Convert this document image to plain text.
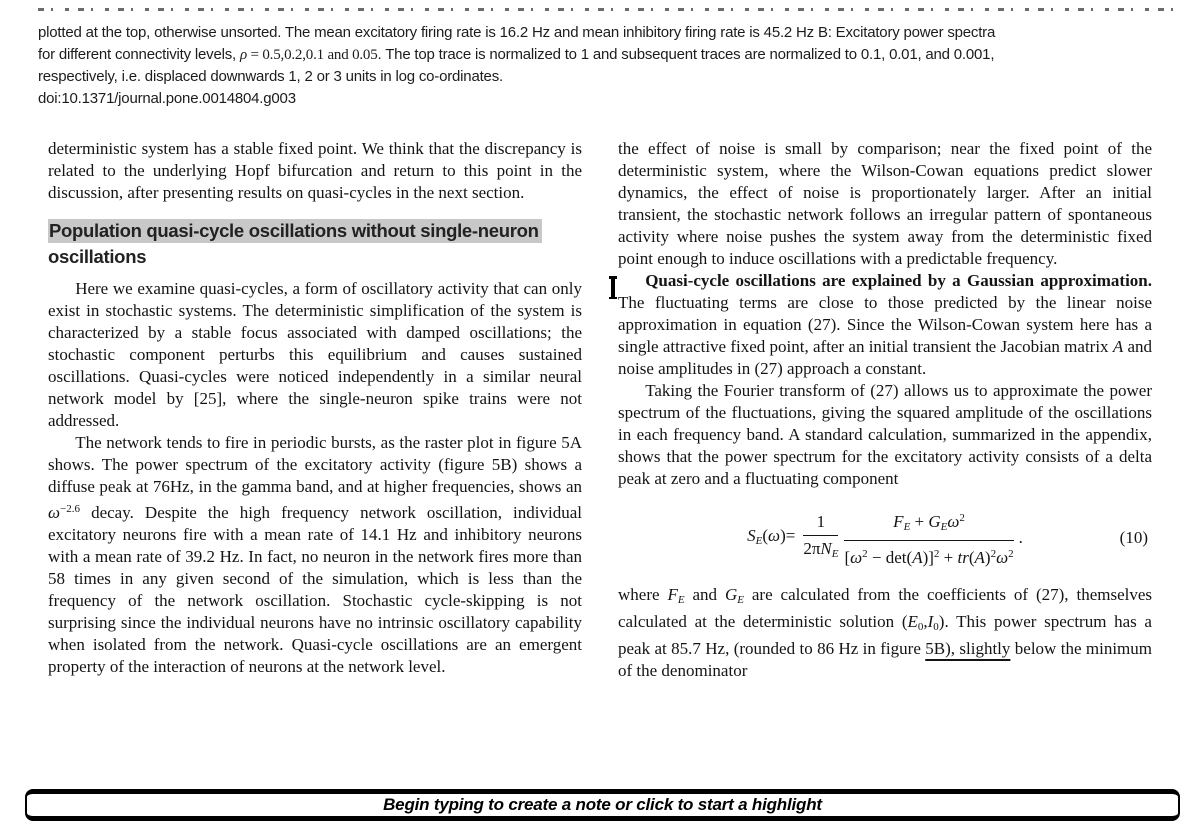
plotted at the top, otherwise unsorted. The mean excitatory firing rate is 16.2 Hz and mean inhibitory firing rate is 45.2 Hz B: Excitatory power spectra
for different connectivity levels, ρ = 0.5,0.2,0.1 and 0.05. The top trace is normalized to 1 and subsequent traces are normalized to 0.1, 0.01, and 0.001,
respectively, i.e. displaced downwards 1, 2 or 3 units in log co-ordinates.
doi:10.1371/journal.pone.0014804.g003

deterministic system has a stable fixed point. We think that the discrepancy is related to the underlying Hopf bifurcation and return to this point in the discussion, after presenting results on quasi-cycles in the next section.

Population quasi-cycle oscillations without single-neuron
oscillations

Here we examine quasi-cycles, a form of oscillatory activity that can only exist in stochastic systems. The deterministic simplification of the system is characterized by a stable focus associated with damped oscillations; the stochastic component perturbs this equilibrium and causes sustained oscillations. Quasi-cycles were noticed independently in a similar neural network model by [25], where the single-neuron spike trains were not addressed.

The network tends to fire in periodic bursts, as the raster plot in figure 5A shows. The power spectrum of the excitatory activity (figure 5B) shows a diffuse peak at 76Hz, in the gamma band, and at higher frequencies, shows an $\omega^{-2.6}$ decay. Despite the high frequency network oscillation, individual excitatory neurons fire with a mean rate of 14.1 Hz and inhibitory neurons with a mean rate of 39.2 Hz. In fact, no neuron in the network fires more than 58 times in any given second of the simulation, which is less than the frequency of the network oscillation. Stochastic cycle-skipping is not surprising since the individual neurons have no intrinsic oscillatory capability when isolated from the network. Quasi-cycle oscillations are an emergent property of the interaction of neurons at the network level.

the effect of noise is small by comparison; near the fixed point of the deterministic system, where the Wilson-Cowan equations predict slower dynamics, the effect of noise is proportionately larger. After an initial transient, the stochastic network follows an irregular pattern of spontaneous activity where noise pushes the system away from the deterministic fixed point enough to induce oscillations with a predictable frequency.

Quasi-cycle oscillations are explained by a Gaussian approximation. The fluctuating terms are close to those predicted by the linear noise approximation in equation (27). Since the Wilson-Cowan system here has a single attractive fixed point, after an initial transient the Jacobian matrix A and noise amplitudes in (27) approach a constant.

Taking the Fourier transform of (27) allows us to approximate the power spectrum of the fluctuations, giving the squared amplitude of the oscillations in each frequency band. A standard calculation, summarized in the appendix, shows that the power spectrum for the excitatory activity consists of a delta peak at zero and a fluctuating component

$SE(\omega)= \frac{1}{\text{2πNE}} \frac{FE + GE\omega^2}{[\omega^2 - \det(A)]^2 + tr(A)^2\omega^2}$ .	(10)

where FE and GE are calculated from the coefficients of (27), themselves calculated at the deterministic solution (E0,I0). This power spectrum has a peak at 85.7 Hz, (rounded to 86 Hz in figure 5B), slightly below the minimum of the denominator

Begin typing to create a note or click to start a highlight
